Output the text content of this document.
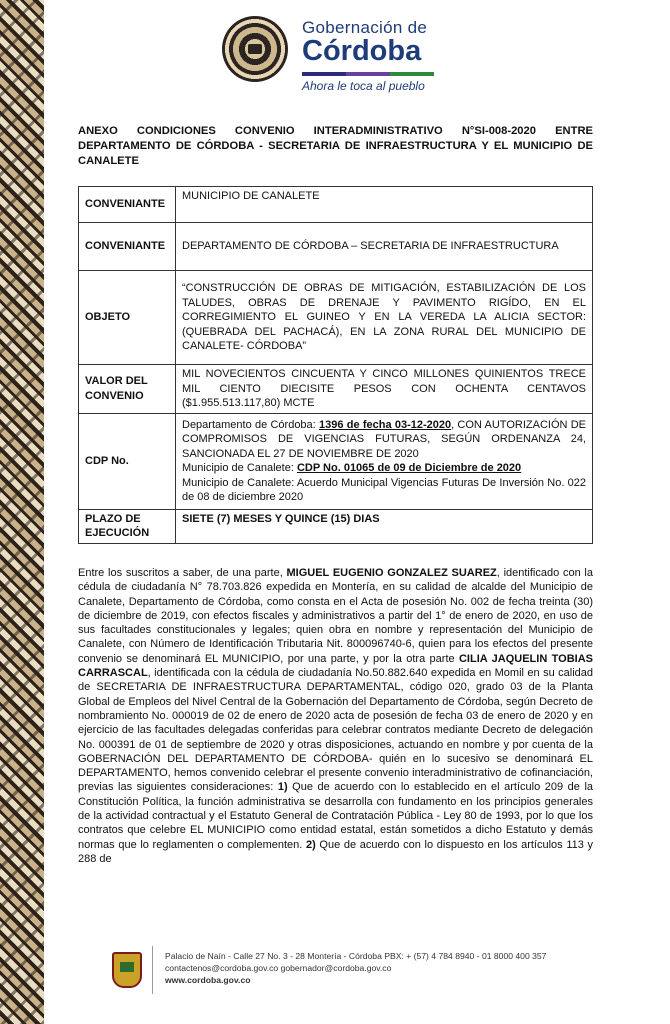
Gobernación de
Córdoba
Ahora le toca al pueblo
ANEXO CONDICIONES CONVENIO INTERADMINISTRATIVO N°SI-008-2020 ENTRE DEPARTAMENTO DE CÓRDOBA - SECRETARIA DE INFRAESTRUCTURA Y EL MUNICIPIO DE CANALETE
CONVENIANTE	MUNICIPIO DE CANALETE
CONVENIANTE	DEPARTAMENTO DE CÓRDOBA – SECRETARIA DE INFRAESTRUCTURA
OBJETO	“CONSTRUCCIÓN DE OBRAS DE MITIGACIÓN, ESTABILIZACIÓN DE LOS TALUDES, OBRAS DE DRENAJE Y PAVIMENTO RIGÍDO, EN EL CORREGIMIENTO EL GUINEO Y EN LA VEREDA LA ALICIA SECTOR:(QUEBRADA DEL PACHACÁ), EN LA ZONA RURAL DEL MUNICIPIO DE CANALETE- CÓRDOBA”
VALOR DEL CONVENIO	MIL NOVECIENTOS CINCUENTA Y CINCO MILLONES QUINIENTOS TRECE MIL CIENTO DIECISITE PESOS CON OCHENTA CENTAVOS ($1.955.513.117,80) MCTE
CDP No.	Departamento de Córdoba: 1396 de fecha 03-12-2020, CON AUTORIZACIÓN DE COMPROMISOS DE VIGENCIAS FUTURAS, SEGÚN ORDENANZA 24, SANCIONADA EL 27 DE NOVIEMBRE DE 2020
Municipio de Canalete: CDP No. 01065 de 09 de Diciembre de 2020
Municipio de Canalete: Acuerdo Municipal Vigencias Futuras De Inversión No. 022 de 08 de diciembre 2020
PLAZO DE EJECUCIÓN	SIETE (7) MESES Y QUINCE (15) DIAS
Entre los suscritos a saber, de una parte, MIGUEL EUGENIO GONZALEZ SUAREZ, identificado con la cédula de ciudadanía N° 78.703.826 expedida en Montería, en su calidad de alcalde del Municipio de Canalete, Departamento de Córdoba, como consta en el Acta de posesión No. 002 de fecha treinta (30) de diciembre de 2019, con efectos fiscales y administrativos a partir del 1° de enero de 2020, en uso de sus facultades constitucionales y legales; quien obra en nombre y representación del Municipio de Canalete, con Número de Identificación Tributaria Nit. 800096740-6, quien para los efectos del presente convenio se denominará EL MUNICIPIO, por una parte, y por la otra parte CILIA JAQUELIN TOBIAS CARRASCAL, identificada con la cédula de ciudadanía No.50.882.640 expedida en Momil en su calidad de SECRETARIA DE INFRAESTRUCTURA DEPARTAMENTAL, código 020, grado 03 de la Planta Global de Empleos del Nivel Central de la Gobernación del Departamento de Córdoba, según Decreto de nombramiento No. 000019 de 02 de enero de 2020 acta de posesión de fecha 03 de enero de 2020 y en ejercicio de las facultades delegadas conferidas para celebrar contratos mediante Decreto de delegación No. 000391 de 01 de septiembre de 2020 y otras disposiciones, actuando en nombre y por cuenta de la GOBERNACIÓN DEL DEPARTAMENTO DE CÓRDOBA- quién en lo sucesivo se denominará EL DEPARTAMENTO, hemos convenido celebrar el presente convenio interadministrativo de cofinanciación, previas las siguientes consideraciones: 1) Que de acuerdo con lo establecido en el artículo 209 de la Constitución Política, la función administrativa se desarrolla con fundamento en los principios generales de la actividad contractual y el Estatuto General de Contratación Pública - Ley 80 de 1993, por lo que los contratos que celebre EL MUNICIPIO como entidad estatal, están sometidos a dicho Estatuto y demás normas que lo reglamenten o complementen. 2) Que de acuerdo con lo dispuesto en los artículos 113 y 288 de
Palacio de Naín - Calle 27 No. 3 - 28 Montería - Córdoba PBX: + (57) 4 784 8940 - 01 8000 400 357
contactenos@cordoba.gov.co gobernador@cordoba.gov.co
www.cordoba.gov.co
